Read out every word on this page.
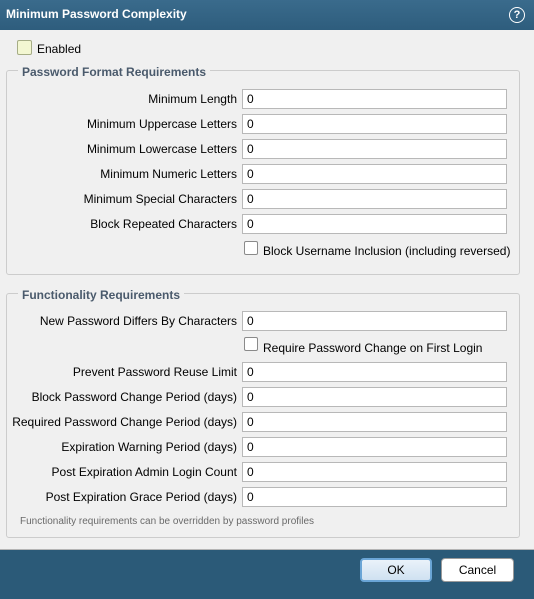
Minimum Password Complexity	?
Enabled
Password Format Requirements
Minimum Length
0
Minimum Uppercase Letters
0
Minimum Lowercase Letters
0
Minimum Numeric Letters
0
Minimum Special Characters
0
Block Repeated Characters
0
Block Username Inclusion (including reversed)
Functionality Requirements
New Password Differs By Characters
0
Require Password Change on First Login
Prevent Password Reuse Limit
0
Block Password Change Period (days)
0
Required Password Change Period (days)
0
Expiration Warning Period (days)
0
Post Expiration Admin Login Count
0
Post Expiration Grace Period (days)
0
Functionality requirements can be overridden by password profiles
OK	Cancel
